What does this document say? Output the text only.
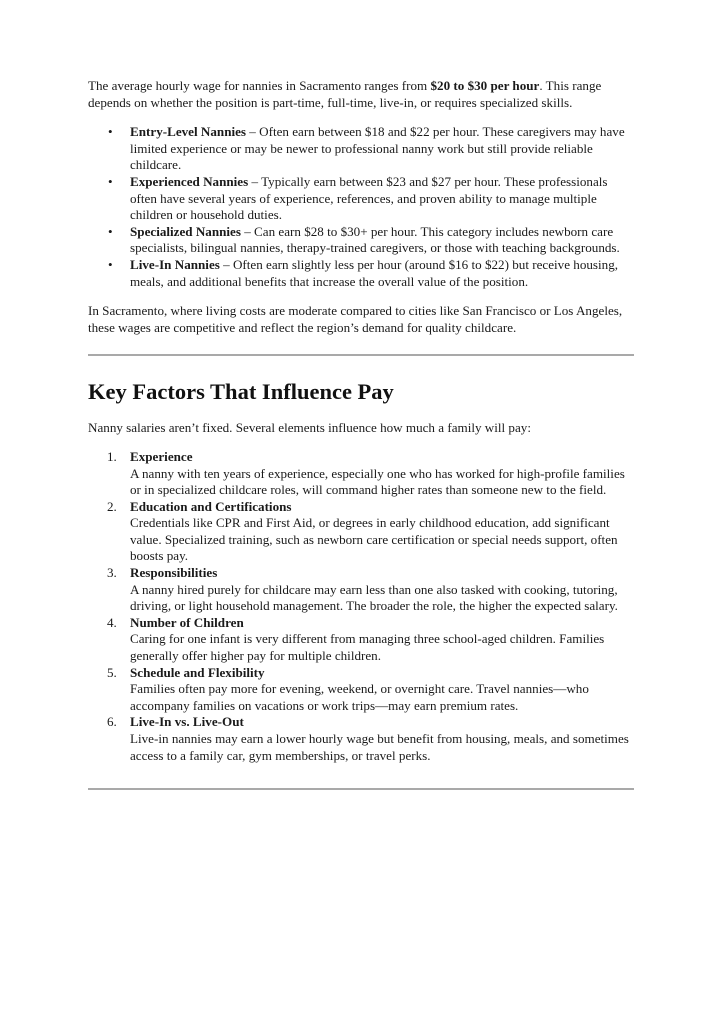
The average hourly wage for nannies in Sacramento ranges from $20 to $30 per hour. This range depends on whether the position is part-time, full-time, live-in, or requires specialized skills.

• Entry-Level Nannies – Often earn between $18 and $22 per hour. These caregivers may have limited experience or may be newer to professional nanny work but still provide reliable childcare.
• Experienced Nannies – Typically earn between $23 and $27 per hour. These professionals often have several years of experience, references, and proven ability to manage multiple children or household duties.
• Specialized Nannies – Can earn $28 to $30+ per hour. This category includes newborn care specialists, bilingual nannies, therapy-trained caregivers, or those with teaching backgrounds.
• Live-In Nannies – Often earn slightly less per hour (around $16 to $22) but receive housing, meals, and additional benefits that increase the overall value of the position.

In Sacramento, where living costs are moderate compared to cities like San Francisco or Los Angeles, these wages are competitive and reflect the region’s demand for quality childcare.

Key Factors That Influence Pay

Nanny salaries aren’t fixed. Several elements influence how much a family will pay:

1. Experience
A nanny with ten years of experience, especially one who has worked for high-profile families or in specialized childcare roles, will command higher rates than someone new to the field.
2. Education and Certifications
Credentials like CPR and First Aid, or degrees in early childhood education, add significant value. Specialized training, such as newborn care certification or special needs support, often boosts pay.
3. Responsibilities
A nanny hired purely for childcare may earn less than one also tasked with cooking, tutoring, driving, or light household management. The broader the role, the higher the expected salary.
4. Number of Children
Caring for one infant is very different from managing three school-aged children. Families generally offer higher pay for multiple children.
5. Schedule and Flexibility
Families often pay more for evening, weekend, or overnight care. Travel nannies—who accompany families on vacations or work trips—may earn premium rates.
6. Live-In vs. Live-Out
Live-in nannies may earn a lower hourly wage but benefit from housing, meals, and sometimes access to a family car, gym memberships, or travel perks.
